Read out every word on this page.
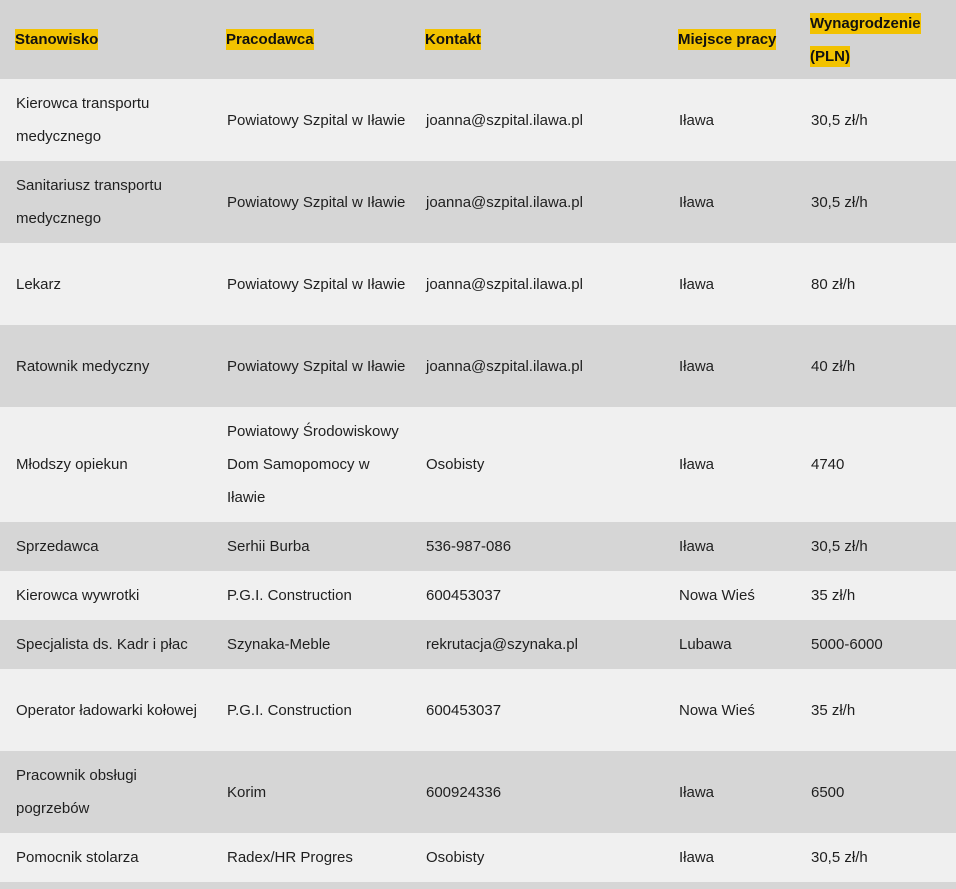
Stanowisko	Pracodawca	Kontakt	Miejsce pracy	Wynagrodzenie (PLN)
Kierowca transportu medycznego	Powiatowy Szpital w Iławie	joanna@szpital.ilawa.pl	Iława	30,5 zł/h
Sanitariusz transportu medycznego	Powiatowy Szpital w Iławie	joanna@szpital.ilawa.pl	Iława	30,5 zł/h
Lekarz	Powiatowy Szpital w Iławie	joanna@szpital.ilawa.pl	Iława	80 zł/h
Ratownik medyczny	Powiatowy Szpital w Iławie	joanna@szpital.ilawa.pl	Iława	40 zł/h
Młodszy opiekun	Powiatowy Środowiskowy Dom Samopomocy w Iławie	Osobisty	Iława	4740
Sprzedawca	Serhii Burba	536-987-086	Iława	30,5 zł/h
Kierowca wywrotki	P.G.I. Construction	600453037	Nowa Wieś	35 zł/h
Specjalista ds. Kadr i płac	Szynaka-Meble	rekrutacja@szynaka.pl	Lubawa	5000-6000
Operator ładowarki kołowej	P.G.I. Construction	600453037	Nowa Wieś	35 zł/h
Pracownik obsługi pogrzebów	Korim	600924336	Iława	6500
Pomocnik stolarza	Radex/HR Progres	Osobisty	Iława	30,5 zł/h
